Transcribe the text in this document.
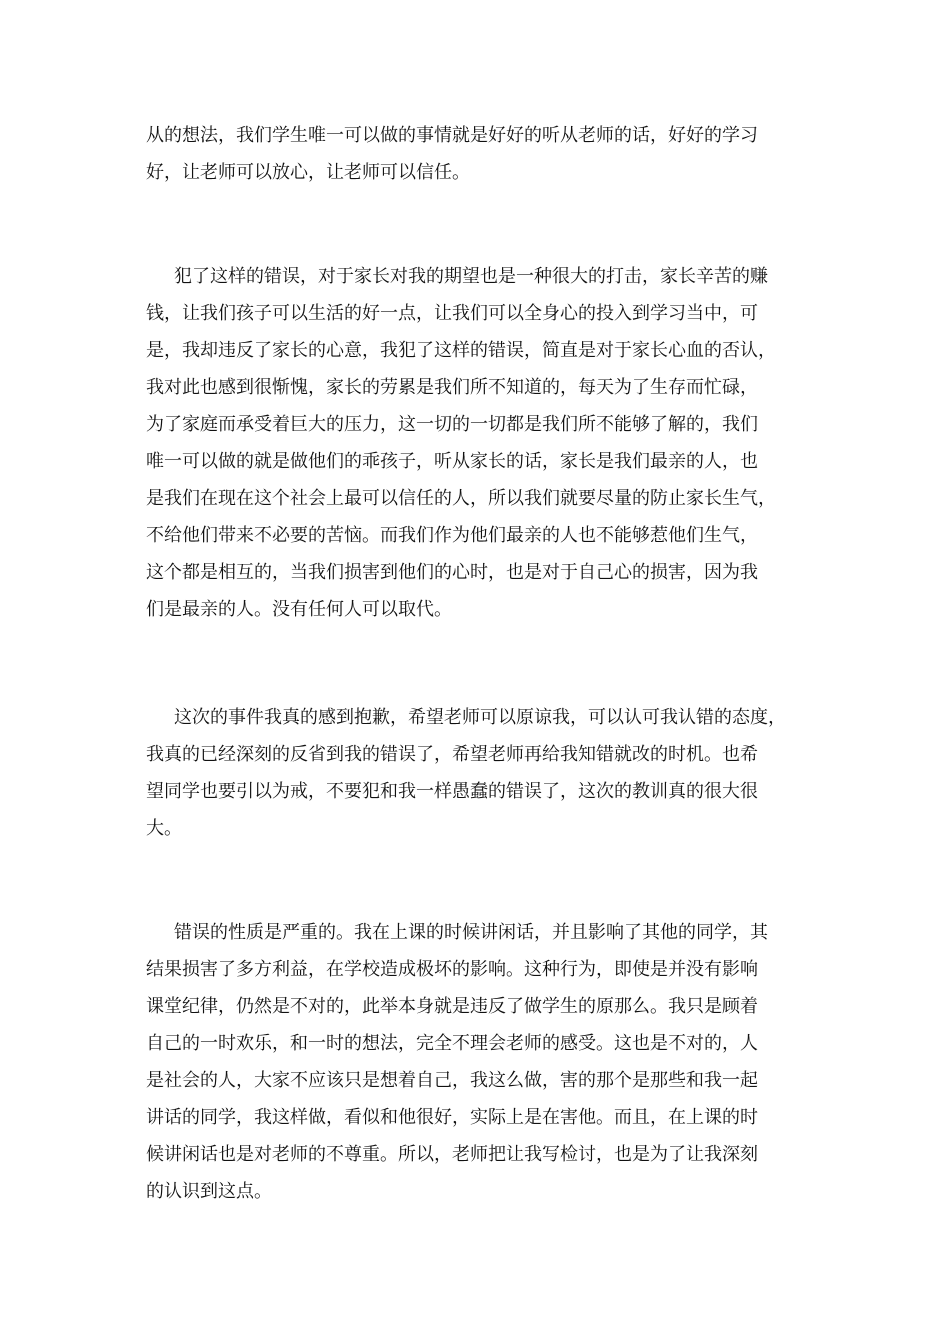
从的想法，我们学生唯一可以做的事情就是好好的听从老师的话，好好的学习
好，让老师可以放心，让老师可以信任。

犯了这样的错误，对于家长对我的期望也是一种很大的打击，家长辛苦的赚
钱，让我们孩子可以生活的好一点，让我们可以全身心的投入到学习当中，可
是，我却违反了家长的心意，我犯了这样的错误，简直是对于家长心血的否认，
我对此也感到很惭愧，家长的劳累是我们所不知道的，每天为了生存而忙碌，
为了家庭而承受着巨大的压力，这一切的一切都是我们所不能够了解的，我们
唯一可以做的就是做他们的乖孩子，听从家长的话，家长是我们最亲的人，也
是我们在现在这个社会上最可以信任的人，所以我们就要尽量的防止家长生气，
不给他们带来不必要的苦恼。而我们作为他们最亲的人也不能够惹他们生气，
这个都是相互的，当我们损害到他们的心时，也是对于自己心的损害，因为我
们是最亲的人。没有任何人可以取代。

这次的事件我真的感到抱歉，希望老师可以原谅我，可以认可我认错的态度，
我真的已经深刻的反省到我的错误了，希望老师再给我知错就改的时机。也希
望同学也要引以为戒，不要犯和我一样愚蠢的错误了，这次的教训真的很大很
大。

错误的性质是严重的。我在上课的时候讲闲话，并且影响了其他的同学，其
结果损害了多方利益，在学校造成极坏的影响。这种行为，即使是并没有影响
课堂纪律，仍然是不对的，此举本身就是违反了做学生的原那么。我只是顾着
自己的一时欢乐，和一时的想法，完全不理会老师的感受。这也是不对的，人
是社会的人，大家不应该只是想着自己，我这么做，害的那个是那些和我一起
讲话的同学，我这样做，看似和他很好，实际上是在害他。而且，在上课的时
候讲闲话也是对老师的不尊重。所以，老师把让我写检讨，也是为了让我深刻
的认识到这点。
